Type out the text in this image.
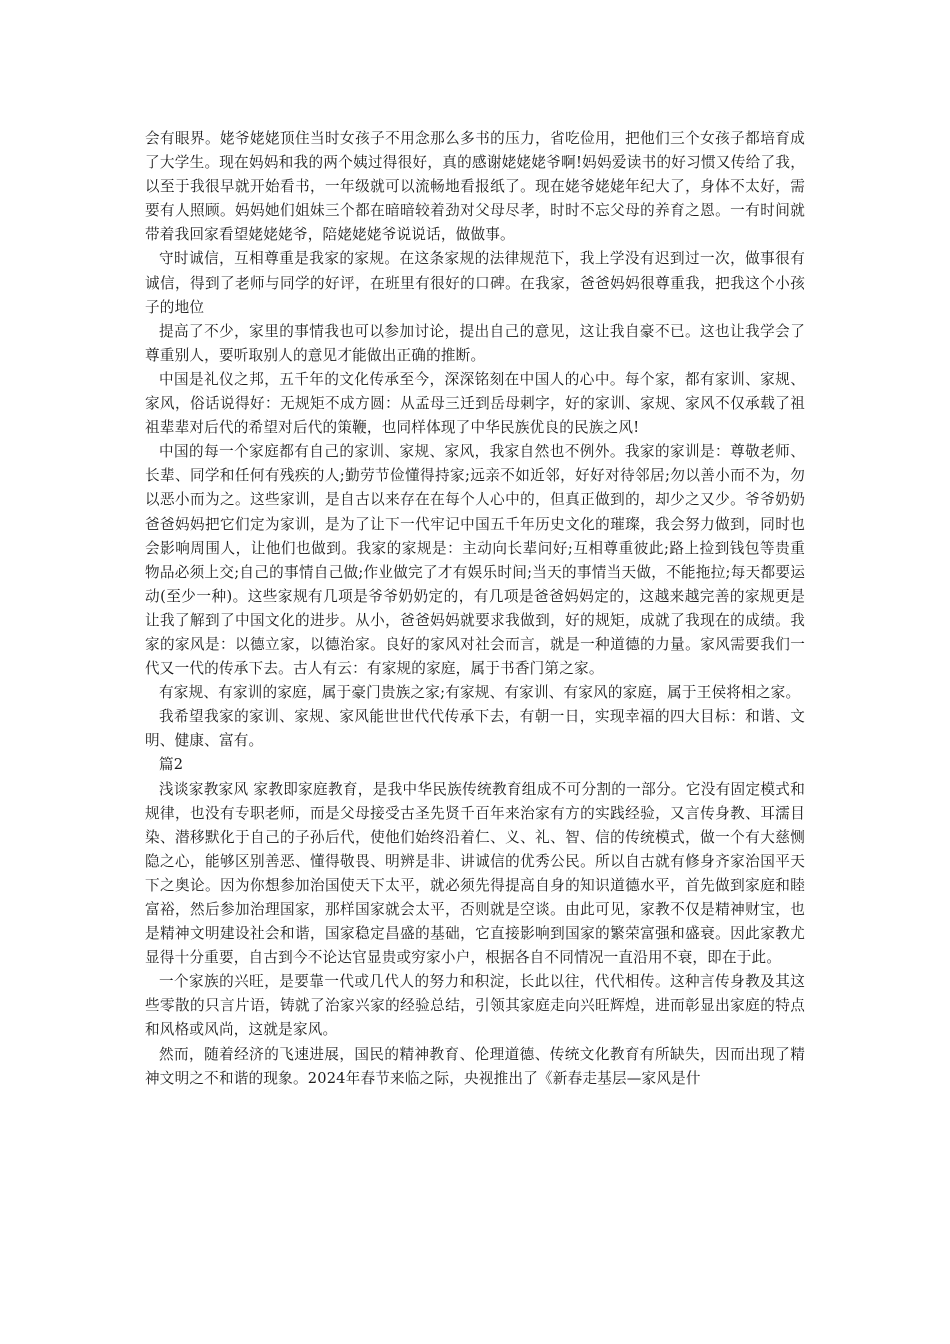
会有眼界。姥爷姥姥顶住当时女孩子不用念那么多书的压力，省吃俭用，把他们三个女孩子都培育成了大学生。现在妈妈和我的两个姨过得很好，真的感谢姥姥姥爷啊!妈妈爱读书的好习惯又传给了我，以至于我很早就开始看书，一年级就可以流畅地看报纸了。现在姥爷姥姥年纪大了，身体不太好，需要有人照顾。妈妈她们姐妹三个都在暗暗较着劲对父母尽孝，时时不忘父母的养育之恩。一有时间就带着我回家看望姥姥姥爷，陪姥姥姥爷说说话，做做事。

守时诚信，互相尊重是我家的家规。在这条家规的法律规范下，我上学没有迟到过一次，做事很有诚信，得到了老师与同学的好评，在班里有很好的口碑。在我家，爸爸妈妈很尊重我，把我这个小孩子的地位

提高了不少，家里的事情我也可以参加讨论，提出自己的意见，这让我自豪不已。这也让我学会了尊重别人，要听取别人的意见才能做出正确的推断。

中国是礼仪之邦，五千年的文化传承至今，深深铭刻在中国人的心中。每个家，都有家训、家规、家风，俗话说得好：无规矩不成方圆：从孟母三迁到岳母刺字，好的家训、家规、家风不仅承载了祖祖辈辈对后代的希望对后代的策鞭，也同样体现了中华民族优良的民族之风!

中国的每一个家庭都有自己的家训、家规、家风，我家自然也不例外。我家的家训是：尊敬老师、长辈、同学和任何有残疾的人;勤劳节俭懂得持家;远亲不如近邻，好好对待邻居;勿以善小而不为，勿以恶小而为之。这些家训，是自古以来存在在每个人心中的，但真正做到的，却少之又少。爷爷奶奶爸爸妈妈把它们定为家训，是为了让下一代牢记中国五千年历史文化的璀璨，我会努力做到，同时也会影响周围人，让他们也做到。我家的家规是：主动向长辈问好;互相尊重彼此;路上捡到钱包等贵重物品必须上交;自己的事情自己做;作业做完了才有娱乐时间;当天的事情当天做，不能拖拉;每天都要运动(至少一种)。这些家规有几项是爷爷奶奶定的，有几项是爸爸妈妈定的，这越来越完善的家规更是让我了解到了中国文化的进步。从小，爸爸妈妈就要求我做到，好的规矩，成就了我现在的成绩。我家的家风是：以德立家，以德治家。良好的家风对社会而言，就是一种道德的力量。家风需要我们一代又一代的传承下去。古人有云：有家规的家庭，属于书香门第之家。

有家规、有家训的家庭，属于豪门贵族之家;有家规、有家训、有家风的家庭，属于王侯将相之家。

我希望我家的家训、家规、家风能世世代代传承下去，有朝一日，实现幸福的四大目标：和谐、文明、健康、富有。

篇2

浅谈家教家风 家教即家庭教育，是我中华民族传统教育组成不可分割的一部分。它没有固定模式和规律，也没有专职老师，而是父母接受古圣先贤千百年来治家有方的实践经验，又言传身教、耳濡目染、潜移默化于自己的子孙后代，使他们始终沿着仁、义、礼、智、信的传统模式，做一个有大慈恻隐之心，能够区别善恶、懂得敬畏、明辨是非、讲诚信的优秀公民。所以自古就有修身齐家治国平天下之奥论。因为你想参加治国使天下太平，就必须先得提高自身的知识道德水平，首先做到家庭和睦富裕，然后参加治理国家，那样国家就会太平，否则就是空谈。由此可见，家教不仅是精神财宝，也是精神文明建设社会和谐，国家稳定昌盛的基础，它直接影响到国家的繁荣富强和盛衰。因此家教尤显得十分重要，自古到今不论达官显贵或穷家小户，根据各自不同情况一直沿用不衰，即在于此。

一个家族的兴旺，是要靠一代或几代人的努力和积淀，长此以往，代代相传。这种言传身教及其这些零散的只言片语，铸就了治家兴家的经验总结，引领其家庭走向兴旺辉煌，进而彰显出家庭的特点和风格或风尚，这就是家风。

然而，随着经济的飞速进展，国民的精神教育、伦理道德、传统文化教育有所缺失，因而出现了精神文明之不和谐的现象。2024年春节来临之际，央视推出了《新春走基层—家风是什
